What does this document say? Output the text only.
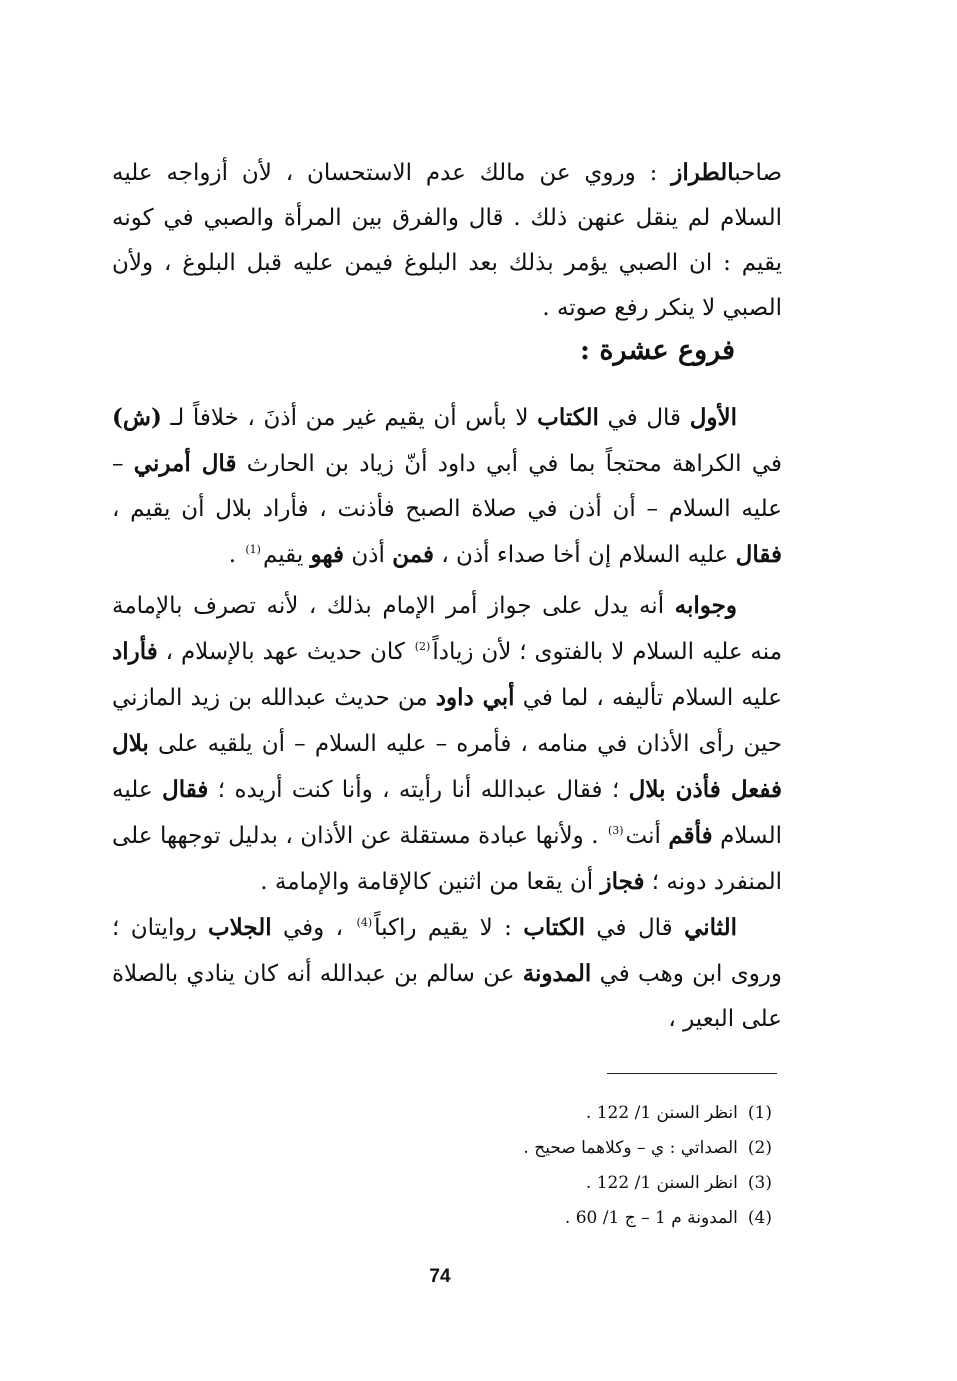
صاحبالطراز : وروي عن مالك عدم الاستحسان ، لأن أزواجه عليه السلام لم ينقل عنهن ذلك . قال والفرق بين المرأة والصبي في كونه يقيم : ان الصبي يؤمر بذلك بعد البلوغ فيمن عليه قبل البلوغ ، ولأن الصبي لا ينكر رفع صوته .

فروع عشرة :

الأول قال في الكتاب لا بأس أن يقيم غير من أذنَ ، خلافاً لـ (ش) في الكراهة محتجاً بما في أبي داود أنّ زياد بن الحارث قال أمرني – عليه السلام – أن أذن في صلاة الصبح فأذنت ، فأراد بلال أن يقيم ، فقال عليه السلام إن أخا صداء أذن ، فمن أذن فهو يقيم$^{(1)}$ .

وجوابه أنه يدل على جواز أمر الإمام بذلك ، لأنه تصرف بالإمامة منه عليه السلام لا بالفتوى ؛ لأن زياداً$^{(2)}$ كان حديث عهد بالإسلام ، فأراد عليه السلام تأليفه ، لما في أبي داود من حديث عبدالله بن زيد المازني حين رأى الأذان في منامه ، فأمره – عليه السلام – أن يلقيه على بلال ففعل فأذن بلال ؛ فقال عبدالله أنا رأيته ، وأنا كنت أريده ؛ فقال عليه السلام فأقم أنت$^{(3)}$ . ولأنها عبادة مستقلة عن الأذان ، بدليل توجهها على المنفرد دونه ؛ فجاز أن يقعا من اثنين كالإقامة والإمامة .

الثاني قال في الكتاب : لا يقيم راكباً$^{(4)}$ ، وفي الجلاب روايتان ؛ وروى ابن وهب في المدونة عن سالم بن عبدالله أنه كان ينادي بالصلاة على البعير ،

(1)انظر السنن 1/ 122 .
(2)الصداتي : ي – وكلاهما صحيح .
(3)انظر السنن 1/ 122 .
(4)المدونة م 1 – ج 1/ 60 .
74
